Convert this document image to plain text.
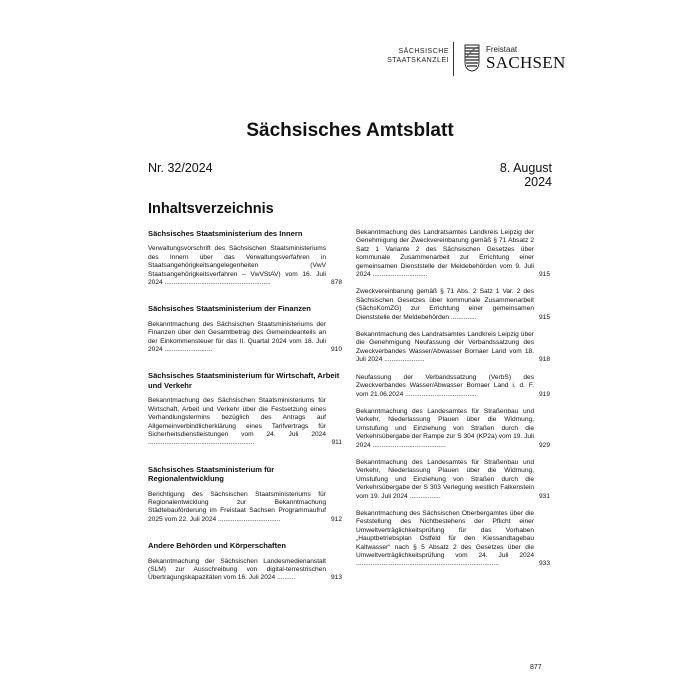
SÄCHSISCHE
STAATSKANZLEI
Freistaat
SACHSEN
Sächsisches Amtsblatt
Nr. 32/2024	8. August 2024
Inhaltsverzeichnis
Sächsisches Staatsministerium des Innern
Verwaltungsvorschrift des Sächsischen Staatsministeriums des Innern über das Verwaltungsverfahren in Staatsangehörigkeitsangelegenheiten (VwV Staatsangehörigkeitsverfahren – VwVStAV) vom 16. Juli 2024 ..........................................................	878
Sächsisches Staatsministerium der Finanzen
Bekanntmachung des Sächsischen Staatsministeriums der Finanzen über den Gesamtbetrag des Gemeindeanteils an der Einkommensteuer für das II. Quartal 2024 vom 18. Juli 2024 ..........................	910
Sächsisches Staatsministerium für Wirtschaft, Arbeit und Verkehr
Bekanntmachung des Sächsischen Staatsministeriums für Wirtschaft, Arbeit und Verkehr über die Festsetzung eines Verhandlungstermins bezüglich des Antrags auf Allgemeinverbindlicherklärung eines Tarifvertrags für Sicherheitsdienstleistungen vom 24. Juli 2024 ..........................................................	911
Sächsisches Staatsministerium für Regionalentwicklung
Berichtigung des Sächsischen Staatsministeriums für Regionalentwicklung zur Bekanntmachung Städtebauförderung im Freistaat Sachsen Programmaufruf 2025 vom 22. Juli 2024 ..................................	912
Andere Behörden und Körperschaften
Bekanntmachung der Sächsischen Landesmedienanstalt (SLM) zur Ausschreibung von digital-terrestrischen Übertragungskapazitäten vom 16. Juli 2024 ..........	913
Bekanntmachung des Landratsamtes Landkreis Leipzig der Genehmigung der Zweckvereinbarung gemäß § 71 Absatz 2 Satz 1 Variante 2 des Sächsischen Gesetzes über kommunale Zusammenarbeit zur Errichtung einer gemeinsamen Dienststelle der Meldebehörden vom 9. Juli 2024 ..............................	915
Zweckvereinbarung gemäß § 71 Abs. 2 Satz 1 Var. 2 des Sächsischen Gesetzes über kommunale Zusammenarbeit (SächsKomZG) zur Errichtung einer gemeinsamen Dienststelle der Meldebehörden ..............	915
Bekanntmachung des Landratsamtes Landkreis Leipzig über die Genehmigung Neufassung der Verbandssatzung des Zweckverbandes Wasser/Abwasser Bornaer Land vom 18. Juli 2024 ......................	918
Neufassung der Verbandssatzung (VerbS) des Zweckverbandes Wasser/Abwasser Bornaer Land i. d. F. vom 21.06.2024 .......................................	919
Bekanntmachung des Landesamtes für Straßenbau und Verkehr, Niederlassung Plauen über die Widmung, Umstufung und Einziehung von Straßen durch die Verkehrsübergabe der Rampe zur S 304 (KP2a) vom 19. Juli 2024 ........................................	929
Bekanntmachung des Landesamtes für Straßenbau und Verkehr, Niederlassung Plauen über die Widmung, Umstufung und Einziehung von Straßen durch die Verkehrsübergabe der S 303 Verlegung westlich Falkenstein vom 19. Juli 2024 .................	931
Bekanntmachung des Sächsischen Oberbergamtes über die Feststellung des Nichtbestehens der Pflicht einer Umweltverträglichkeitsprüfung für das Vorhaben „Hauptbetriebsplan Ostfeld für den Kiessandtagebau Kaltwasser“ nach § 5 Absatz 2 des Gesetzes über die Umweltverträglichkeitsprüfung vom 24. Juli 2024 ..............................................................................	933
877
